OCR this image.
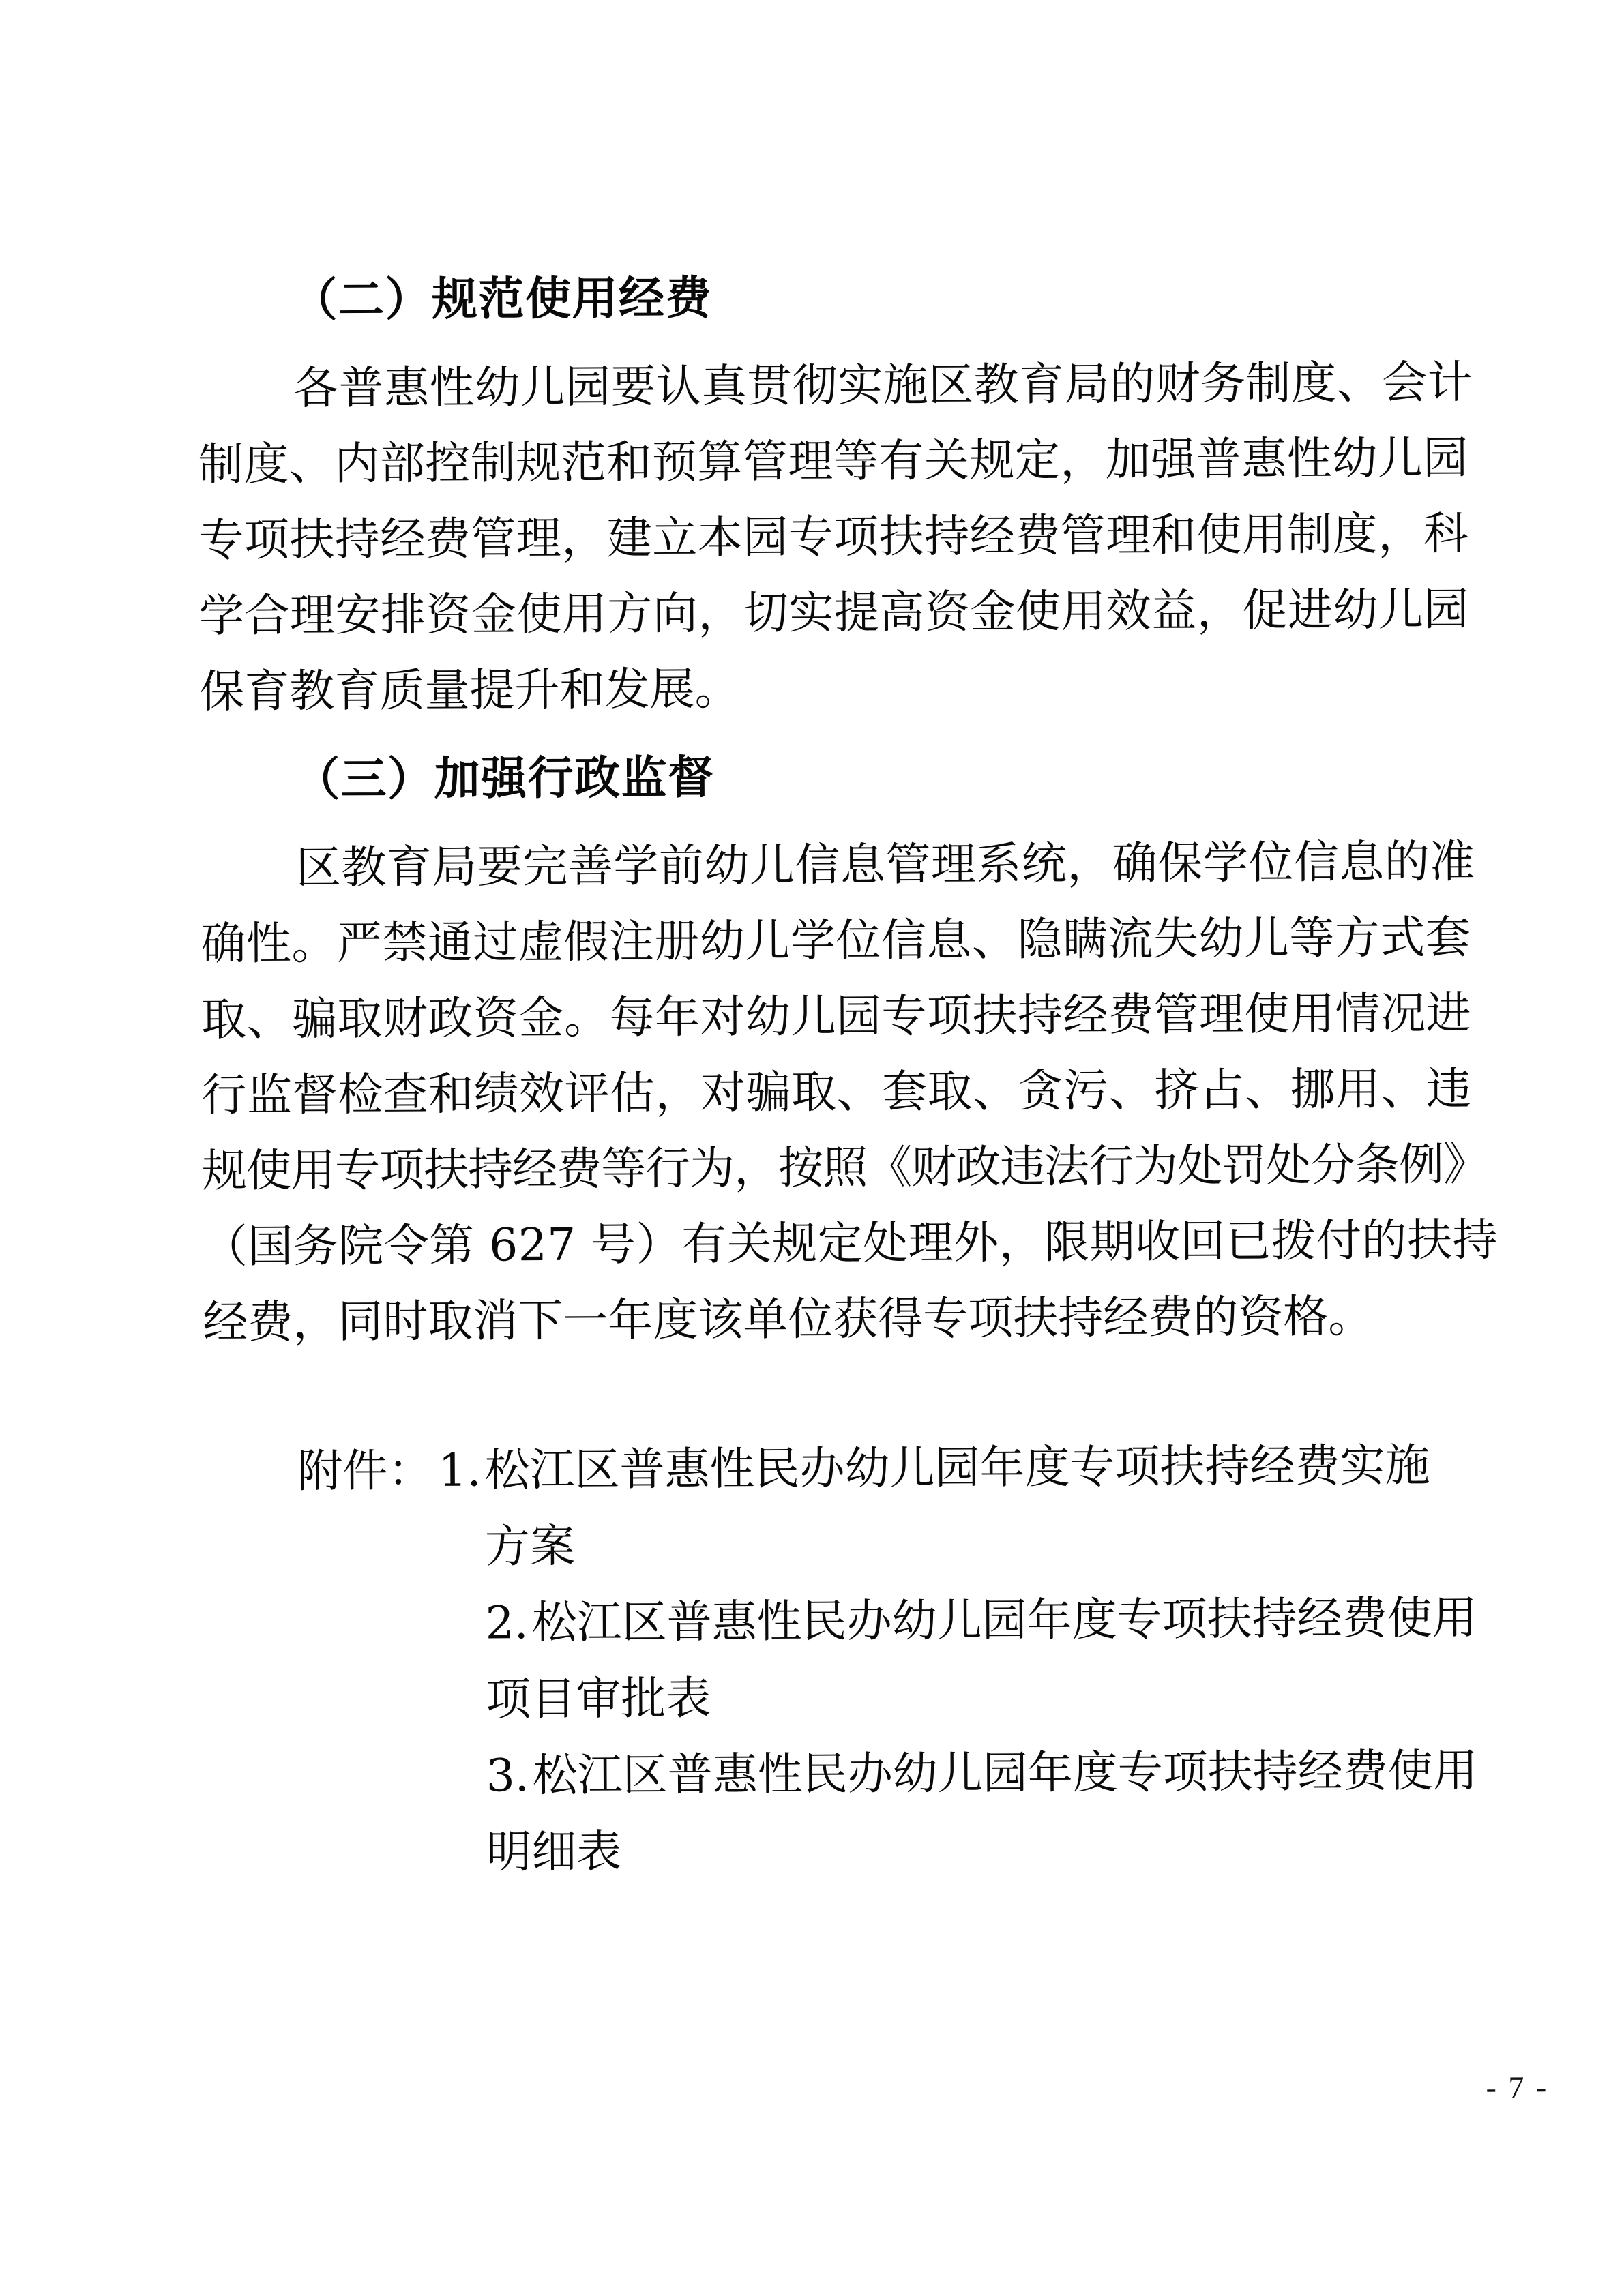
（二）规范使用经费

各普惠性幼儿园要认真贯彻实施区教育局的财务制度、会计

制度、内部控制规范和预算管理等有关规定，加强普惠性幼儿园

专项扶持经费管理，建立本园专项扶持经费管理和使用制度，科

学合理安排资金使用方向，切实提高资金使用效益，促进幼儿园

保育教育质量提升和发展。

（三）加强行政监督

区教育局要完善学前幼儿信息管理系统，确保学位信息的准

确性。严禁通过虚假注册幼儿学位信息、隐瞒流失幼儿等方式套

取、骗取财政资金。每年对幼儿园专项扶持经费管理使用情况进

行监督检查和绩效评估，对骗取、套取、贪污、挤占、挪用、违

规使用专项扶持经费等行为，按照《财政违法行为处罚处分条例》

（国务院令第 627 号）有关规定处理外，限期收回已拨付的扶持

经费，同时取消下一年度该单位获得专项扶持经费的资格。

附件： 1.松江区普惠性民办幼儿园年度专项扶持经费实施

方案

2.松江区普惠性民办幼儿园年度专项扶持经费使用

项目审批表

3.松江区普惠性民办幼儿园年度专项扶持经费使用

明细表

- 7 -
